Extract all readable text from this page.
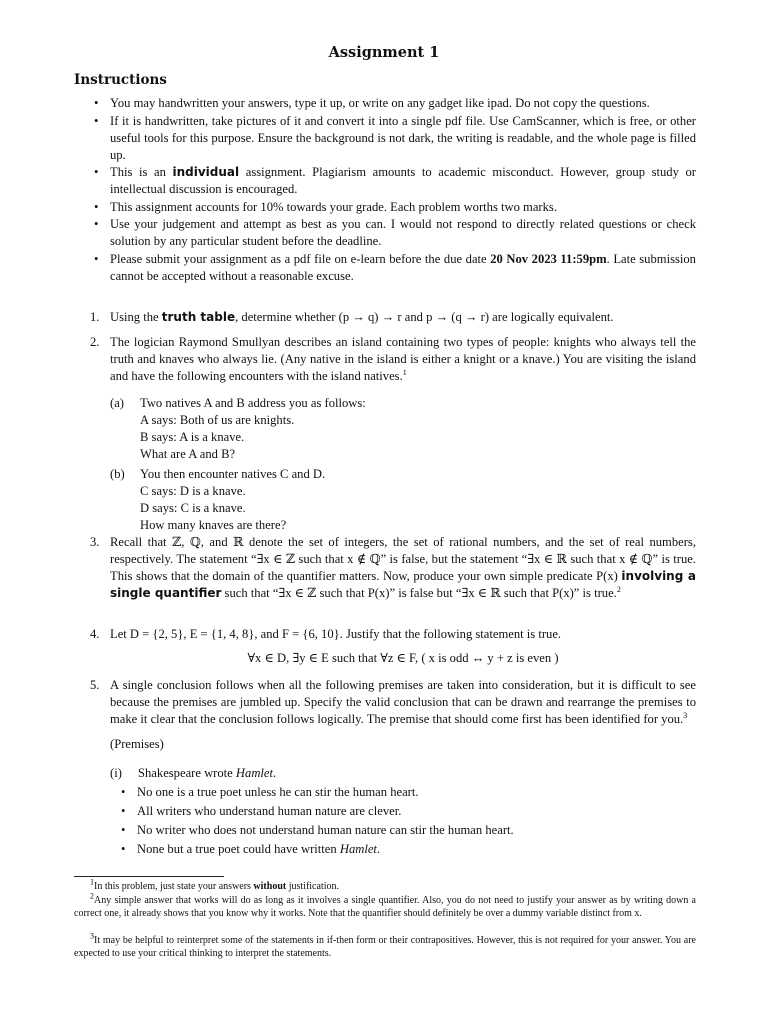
Assignment 1
Instructions
• You may handwritten your answers, type it up, or write on any gadget like ipad. Do not copy the questions.
• If it is handwritten, take pictures of it and convert it into a single pdf file. Use CamScanner, which is free, or other useful tools for this purpose. Ensure the background is not dark, the writing is readable, and the whole page is filled up.
• This is an individual assignment. Plagiarism amounts to academic misconduct. However, group study or intellectual discussion is encouraged.
• This assignment accounts for 10% towards your grade. Each problem worths two marks.
• Use your judgement and attempt as best as you can. I would not respond to directly related questions or check solution by any particular student before the deadline.
• Please submit your assignment as a pdf file on e-learn before the due date 20 Nov 2023 11:59pm. Late submission cannot be accepted without a reasonable excuse.
1. Using the truth table, determine whether (p → q) → r and p → (q → r) are logically equivalent.
2. The logician Raymond Smullyan describes an island containing two types of people: knights who always tell the truth and knaves who always lie. (Any native in the island is either a knight or a knave.) You are visiting the island and have the following encounters with the island natives.$^1$
(a) Two natives A and B address you as follows:
A says: Both of us are knights.
B says: A is a knave.
What are A and B?
(b) You then encounter natives C and D.
C says: D is a knave.
D says: C is a knave.
How many knaves are there?
3. Recall that ℤ, ℚ, and ℝ denote the set of integers, the set of rational numbers, and the set of real numbers, respectively. The statement “∃x ∈ ℤ such that x ∉ ℚ” is false, but the statement “∃x ∈ ℝ such that x ∉ ℚ” is true. This shows that the domain of the quantifier matters. Now, produce your own simple predicate P(x) involving a single quantifier such that “∃x ∈ ℤ such that P(x)” is false but “∃x ∈ ℝ such that P(x)” is true.$^2$
4. Let D = {2, 5}, E = {1, 4, 8}, and F = {6, 10}. Justify that the following statement is true.
∀x ∈ D, ∃y ∈ E such that ∀z ∈ F, ( x is odd ↔ y + z is even )
5. A single conclusion follows when all the following premises are taken into consideration, but it is difficult to see because the premises are jumbled up. Specify the valid conclusion that can be drawn and rearrange the premises to make it clear that the conclusion follows logically. The premise that should come first has been identified for you.$^3$
(Premises)
(i) Shakespeare wrote Hamlet.
• No one is a true poet unless he can stir the human heart.
• All writers who understand human nature are clever.
• No writer who does not understand human nature can stir the human heart.
• None but a true poet could have written Hamlet.
$^1$In this problem, just state your answers without justification.
$^2$Any simple answer that works will do as long as it involves a single quantifier. Also, you do not need to justify your answer as by writing down a correct one, it already shows that you know why it works. Note that the quantifier should definitely be over a dummy variable distinct from x.
$^3$It may be helpful to reinterpret some of the statements in if-then form or their contrapositives. However, this is not required for your answer. You are expected to use your critical thinking to interpret the statements.
